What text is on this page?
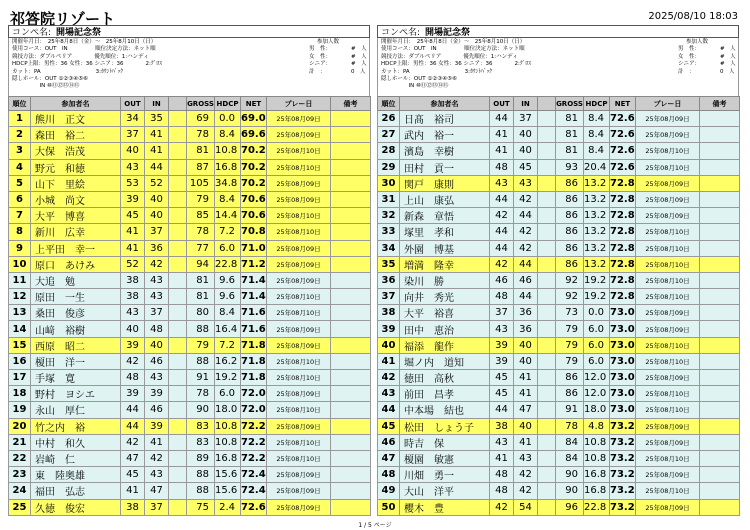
祁答院リゾート	2025/08/10 18:03
コンペ名: 開場記念祭
開催年月日：　25年8月8日（金）～　25年8月10日（日）
使用コース：OUT　IN　　　　　順位決定方法：ネット順
競技方法：ダブルペリア　　　　優先順位：1:ハンディ
HDCP上限：男性：36 女性：36 シニア：36　　　　2:ｸﾞﾛｽ
カット：PA　　　　　　　　　　3:ｶｳﾝﾄﾊﾞｯｸ
隠しホール：OUT ①②③④⑤⑥
　　　　　IN ⑩⑪⑫⑬⑭⑮
参加人数
男　性：	#　人
女　性：	#　人
シニア：	#　人
計　：	0　人
順位	参加者名	OUT	IN		GROSS	HDCP	NET	プレー日	備考
1	熊川　正文	34	35		69	0.0	69.0	25年08月09日	
2	森田　裕二	37	41		78	8.4	69.6	25年08月09日	
3	大保　浩茂	40	41		81	10.8	70.2	25年08月10日	
4	野元　和徳	43	44		87	16.8	70.2	25年08月10日	
5	山下　里絵	53	52		105	34.8	70.2	25年08月09日	
6	小城　尚文	39	40		79	8.4	70.6	25年08月09日	
7	大平　博喜	45	40		85	14.4	70.6	25年08月10日	
8	新川　広幸	41	37		78	7.2	70.8	25年08月10日	
9	上平田　幸一	41	36		77	6.0	71.0	25年08月09日	
10	原口　あけみ	52	42		94	22.8	71.2	25年08月09日	
11	大追　勉	38	43		81	9.6	71.4	25年08月09日	
12	原田　一生	38	43		81	9.6	71.4	25年08月10日	
13	桑田　俊彦	43	37		80	8.4	71.6	25年08月10日	
14	山﨑　裕樹	40	48		88	16.4	71.6	25年08月09日	
15	西原　昭二	39	40		79	7.2	71.8	25年08月09日	
16	榎田　洋一	42	46		88	16.2	71.8	25年08月10日	
17	手塚　寛	48	43		91	19.2	71.8	25年08月10日	
18	野村　ヨシエ	39	39		78	6.0	72.0	25年08月09日	
19	永山　厚仁	44	46		90	18.0	72.0	25年08月10日	
20	竹之内　裕	44	39		83	10.8	72.2	25年08月09日	
21	中村　和久	42	41		83	10.8	72.2	25年08月10日	
22	岩崎　仁	47	42		89	16.8	72.2	25年08月10日	
23	東　陸奥雄	45	43		88	15.6	72.4	25年08月09日	
24	福田　弘志	41	47		88	15.6	72.4	25年08月09日	
25	久徳　俊宏	38	37		75	2.4	72.6	25年08月09日	
コンペ名: 開場記念祭
開催年月日：　25年8月8日（金）～　25年8月10日（日）
使用コース：OUT　IN　　　　　順位決定方法：ネット順
競技方法：ダブルペリア　　　　優先順位：1:ハンディ
HDCP上限：男性：36 女性：36 シニア：36　　　　2:ｸﾞﾛｽ
カット：PA　　　　　　　　　　3:ｶｳﾝﾄﾊﾞｯｸ
隠しホール：OUT ①②③④⑤⑥
　　　　　IN ⑩⑪⑫⑬⑭⑮
参加人数
男　性：	#　人
女　性：	#　人
シニア：	#　人
計　：	0　人
順位	参加者名	OUT	IN		GROSS	HDCP	NET	プレー日	備考
26	日髙　裕司	44	37		81	8.4	72.6	25年08月09日	
27	武内　裕一	41	40		81	8.4	72.6	25年08月09日	
28	濱島　幸樹	41	40		81	8.4	72.6	25年08月10日	
29	田村　貢一	48	45		93	20.4	72.6	25年08月10日	
30	関戸　康則	43	43		86	13.2	72.8	25年08月09日	
31	上山　康弘	44	42		86	13.2	72.8	25年08月09日	
32	新森　章悟	42	44		86	13.2	72.8	25年08月09日	
33	塚里　孝和	44	42		86	13.2	72.8	25年08月10日	
34	外園　博基	44	42		86	13.2	72.8	25年08月10日	
35	増満　隆幸	42	44		86	13.2	72.8	25年08月10日	
36	染川　勝	46	46		92	19.2	72.8	25年08月10日	
37	向井　秀光	48	44		92	19.2	72.8	25年08月10日	
38	大平　裕喜	37	36		73	0.0	73.0	25年08月09日	
39	田中　恵治	43	36		79	6.0	73.0	25年08月09日	
40	福添　龍作	39	40		79	6.0	73.0	25年08月10日	
41	堀ノ内　道知	39	40		79	6.0	73.0	25年08月10日	
42	徳田　高秋	45	41		86	12.0	73.0	25年08月09日	
43	前田　昌孝	45	41		86	12.0	73.0	25年08月10日	
44	中本場　結也	44	47		91	18.0	73.0	25年08月10日	
45	松田　しょう子	38	40		78	4.8	73.2	25年08月09日	
46	時吉　保	43	41		84	10.8	73.2	25年08月09日	
47	榎園　敏憲	41	43		84	10.8	73.2	25年08月10日	
48	川畑　勇一	48	42		90	16.8	73.2	25年08月09日	
49	大山　洋平	48	42		90	16.8	73.2	25年08月10日	
50	櫻木　豊	42	54		96	22.8	73.2	25年08月09日	
1 / 5 ページ
